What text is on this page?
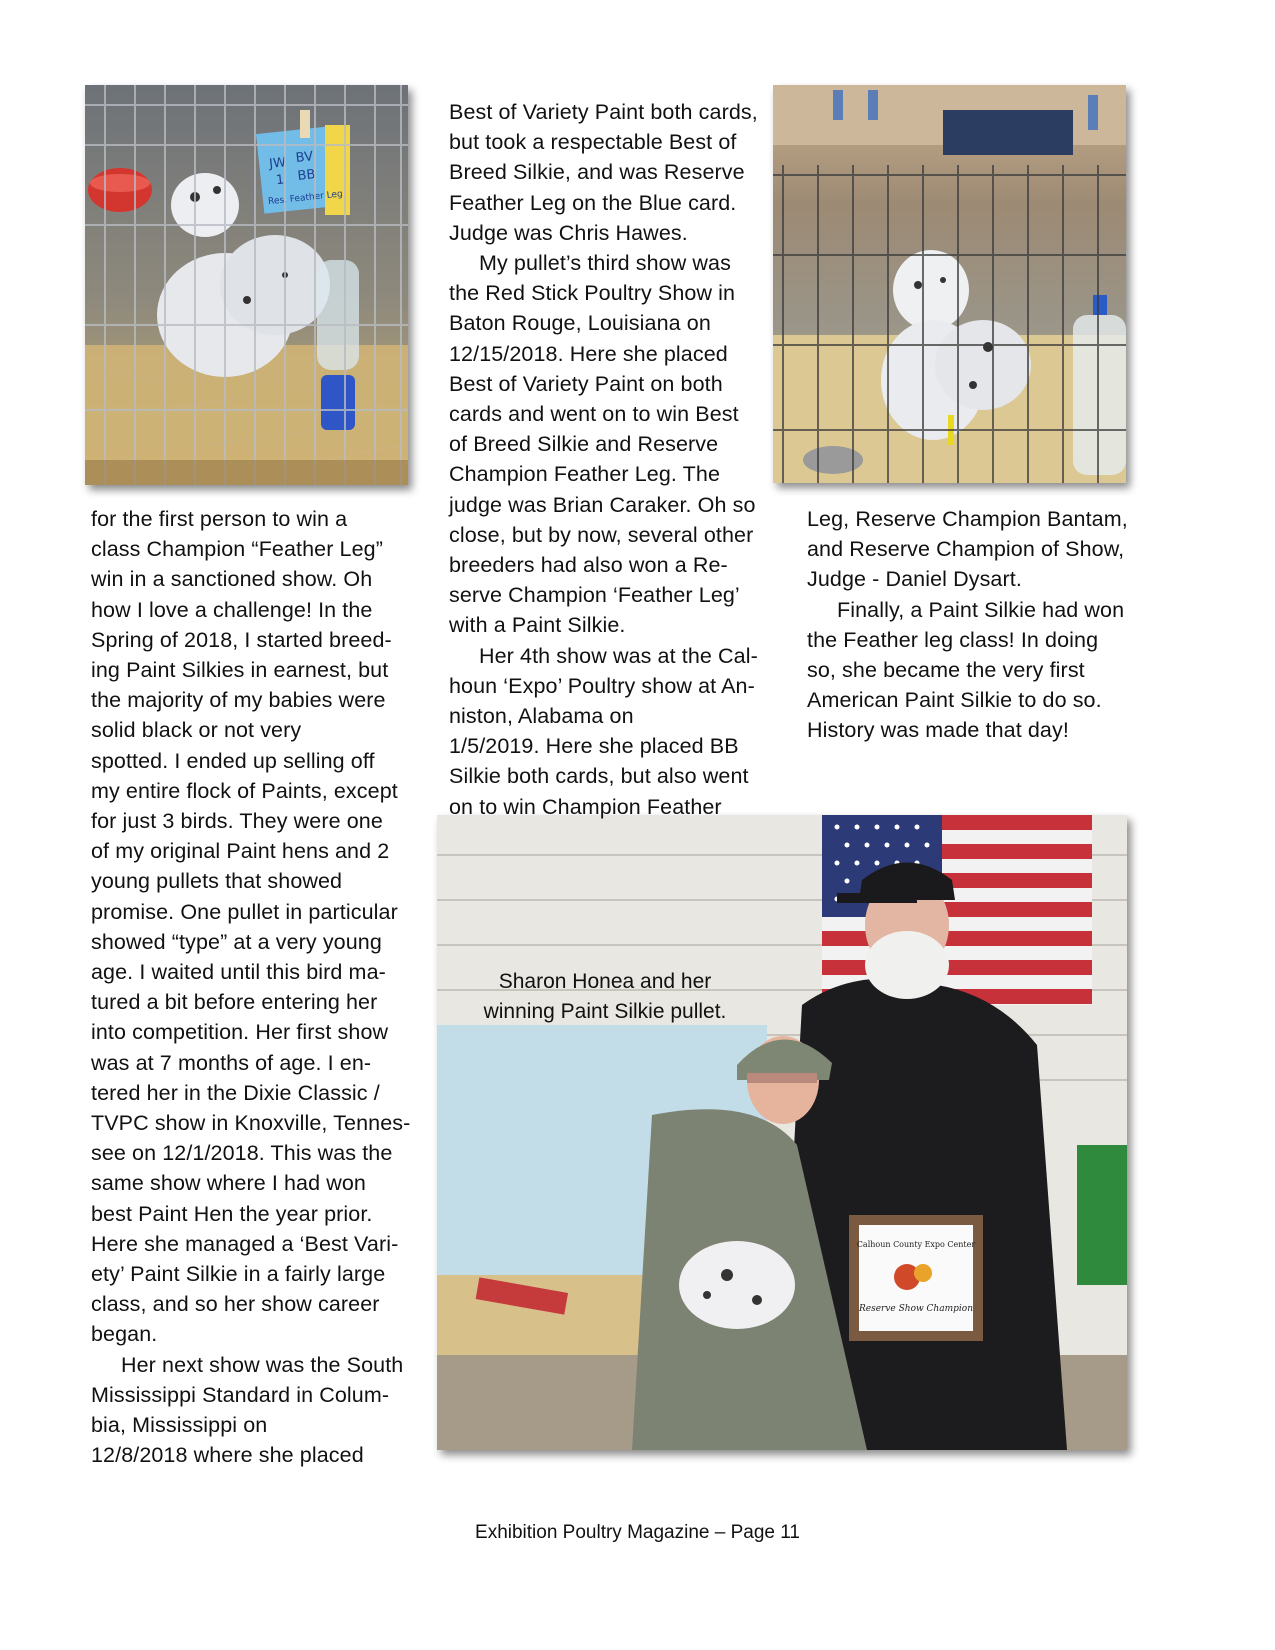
JW BV
1 BB
Res. Feather Leg
Calhoun County Expo Center
Reserve Show Champion
Sharon Honea and her
winning Paint Silkie pullet.
for the first person to win a
class Champion “Feather Leg”
win in a sanctioned show. Oh
how I love a challenge! In the
Spring of 2018, I started breed-
ing Paint Silkies in earnest, but
the majority of my babies were
solid black or not very
spotted. I ended up selling off
my entire flock of Paints, except
for just 3 birds. They were one
of my original Paint hens and 2
young pullets that showed
promise. One pullet in particular
showed “type” at a very young
age. I waited until this bird ma-
tured a bit before entering her
into competition. Her first show
was at 7 months of age. I en-
tered her in the Dixie Classic /
TVPC show in Knoxville, Tennes-
see on 12/1/2018. This was the
same show where I had won
best Paint Hen the year prior.
Here she managed a ‘Best Vari-
ety’ Paint Silkie in a fairly large
class, and so her show career
began.
Her next show was the South
Mississippi Standard in Colum-
bia, Mississippi on
12/8/2018 where she placed
Best of Variety Paint both cards,
but took a respectable Best of
Breed Silkie, and was Reserve
Feather Leg on the Blue card.
Judge was Chris Hawes.
My pullet’s third show was
the Red Stick Poultry Show in
Baton Rouge, Louisiana on
12/15/2018. Here she placed
Best of Variety Paint on both
cards and went on to win Best
of Breed Silkie and Reserve
Champion Feather Leg. The
judge was Brian Caraker. Oh so
close, but by now, several other
breeders had also won a Re-
serve Champion ‘Feather Leg’
with a Paint Silkie.
Her 4th show was at the Cal-
houn ‘Expo’ Poultry show at An-
niston, Alabama on
1/5/2019. Here she placed BB
Silkie both cards, but also went
on to win Champion Feather
Leg, Reserve Champion Bantam,
and Reserve Champion of Show,
Judge - Daniel Dysart.
Finally, a Paint Silkie had won
the Feather leg class! In doing
so, she became the very first
American Paint Silkie to do so.
History was made that day!
Exhibition Poultry Magazine – Page 11
